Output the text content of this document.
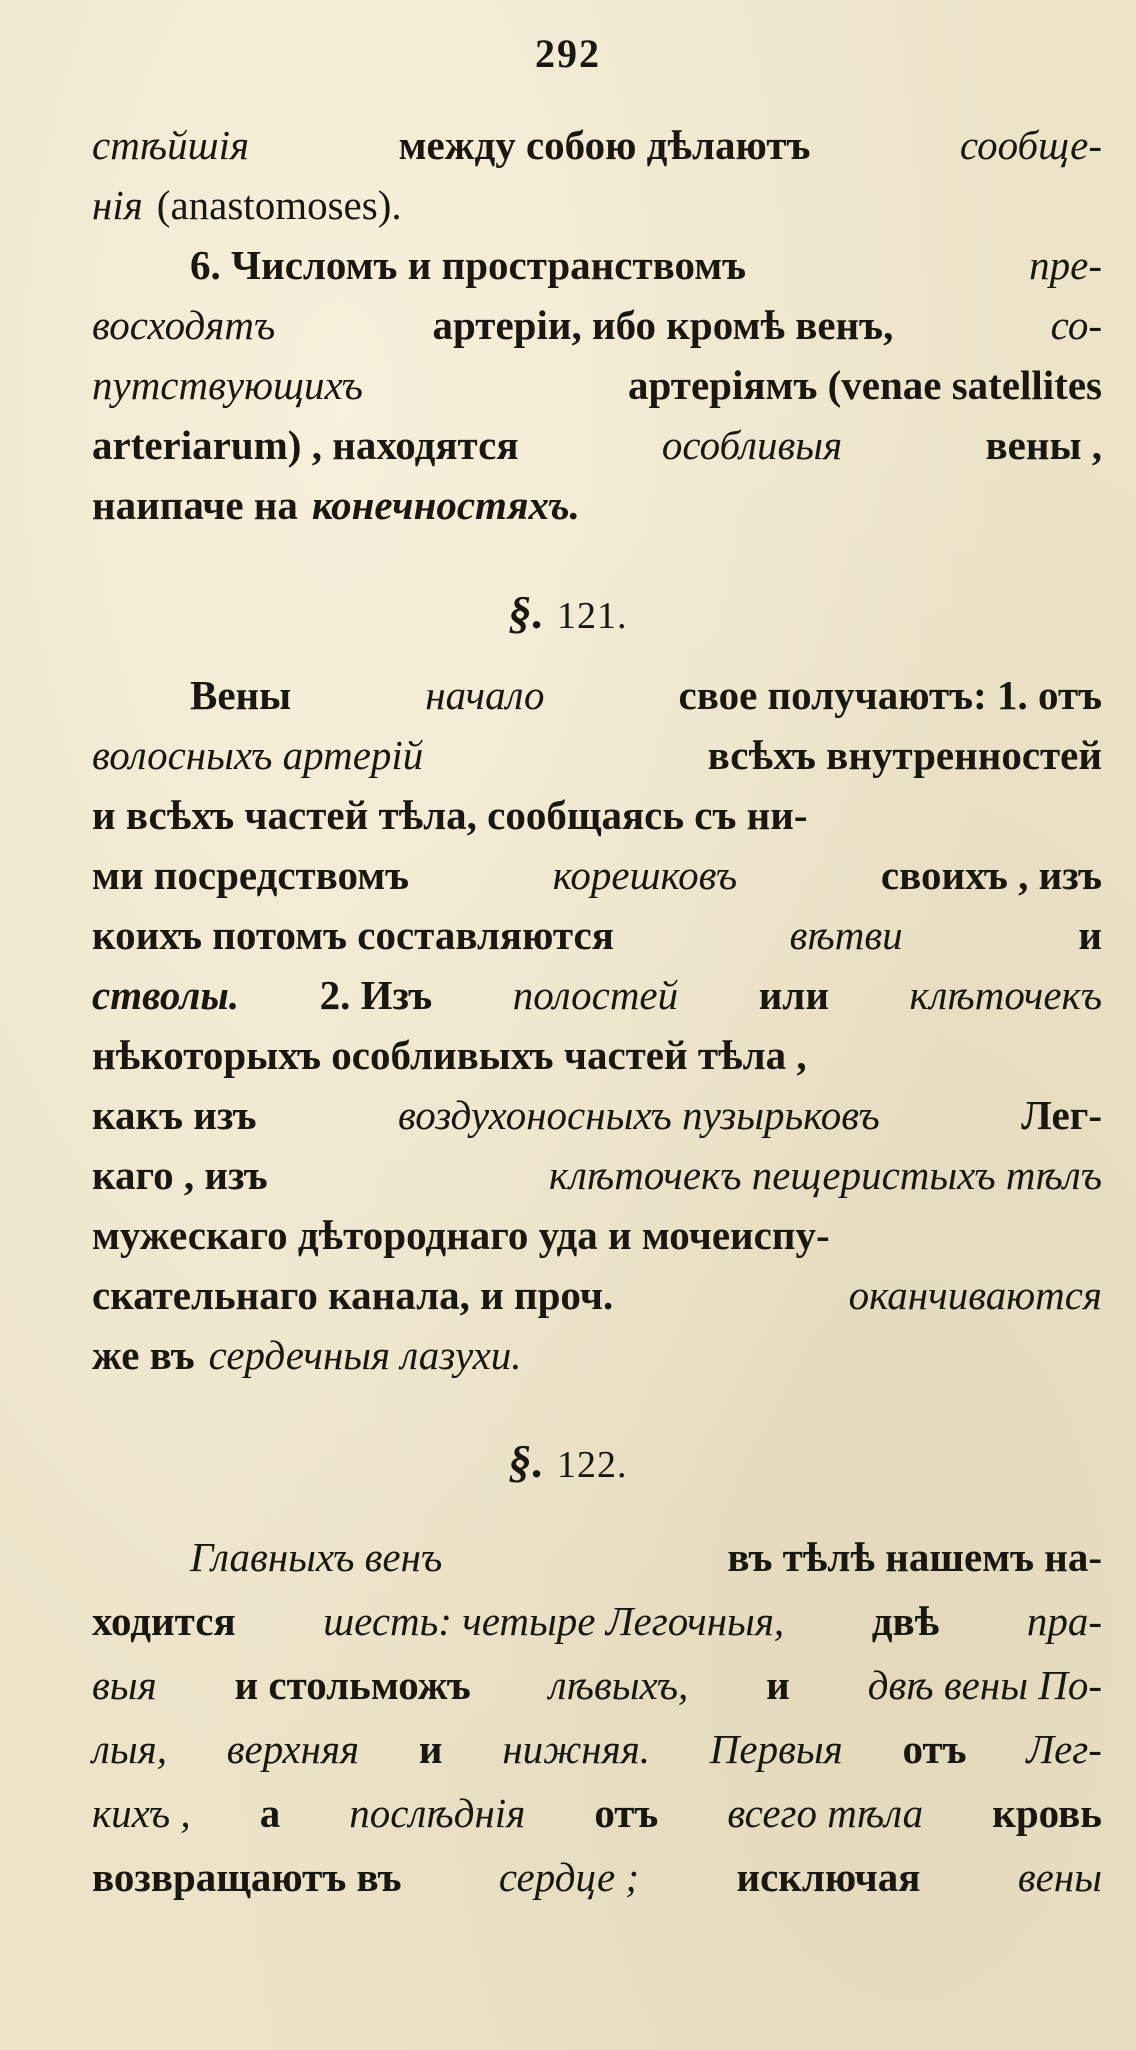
292
стѣйшія	между собою дѣлаютъ	сообще-
нія (anastomoses).
6. Числомъ и пространствомъ	пре-
восходятъ	артеріи, ибо кромѣ венъ,	со-
путствующихъ	артеріямъ (venae satellites
arteriarum) , находятся	особливыя	вены ,
наипаче на конечностяхъ.
§. 121.
Вены	начало	свое получаютъ: 1. отъ
волосныхъ артерій	всѣхъ внутренностей
и всѣхъ частей тѣла, сообщаясь съ ни-
ми посредствомъ	корешковъ	своихъ , изъ
коихъ потомъ составляются	вѣтви	и
стволы. 2. Изъ полостей или клѣточекъ
нѣкоторыхъ особливыхъ частей тѣла ,
какъ изъ	воздухоносныхъ пузырьковъ	Лег-
каго , изъ	клѣточекъ пещеристыхъ тѣлъ
мужескаго дѣтороднаго уда и мочеиспу-
скательнаго канала, и проч.	оканчиваются
же въ сердечныя лазухи.
§. 122.
Главныхъ венъ	въ тѣлѣ нашемъ на-
ходится шесть: четыре Легочныя, двѣ пра-
выя и стольможъ лѣвыхъ, и двѣ вены По-
лыя, верхняя и нижняя. Первыя отъ Лег-
кихъ , а послѣднія отъ всего тѣла кровь
возвращаютъ въ сердце ; исключая вены
